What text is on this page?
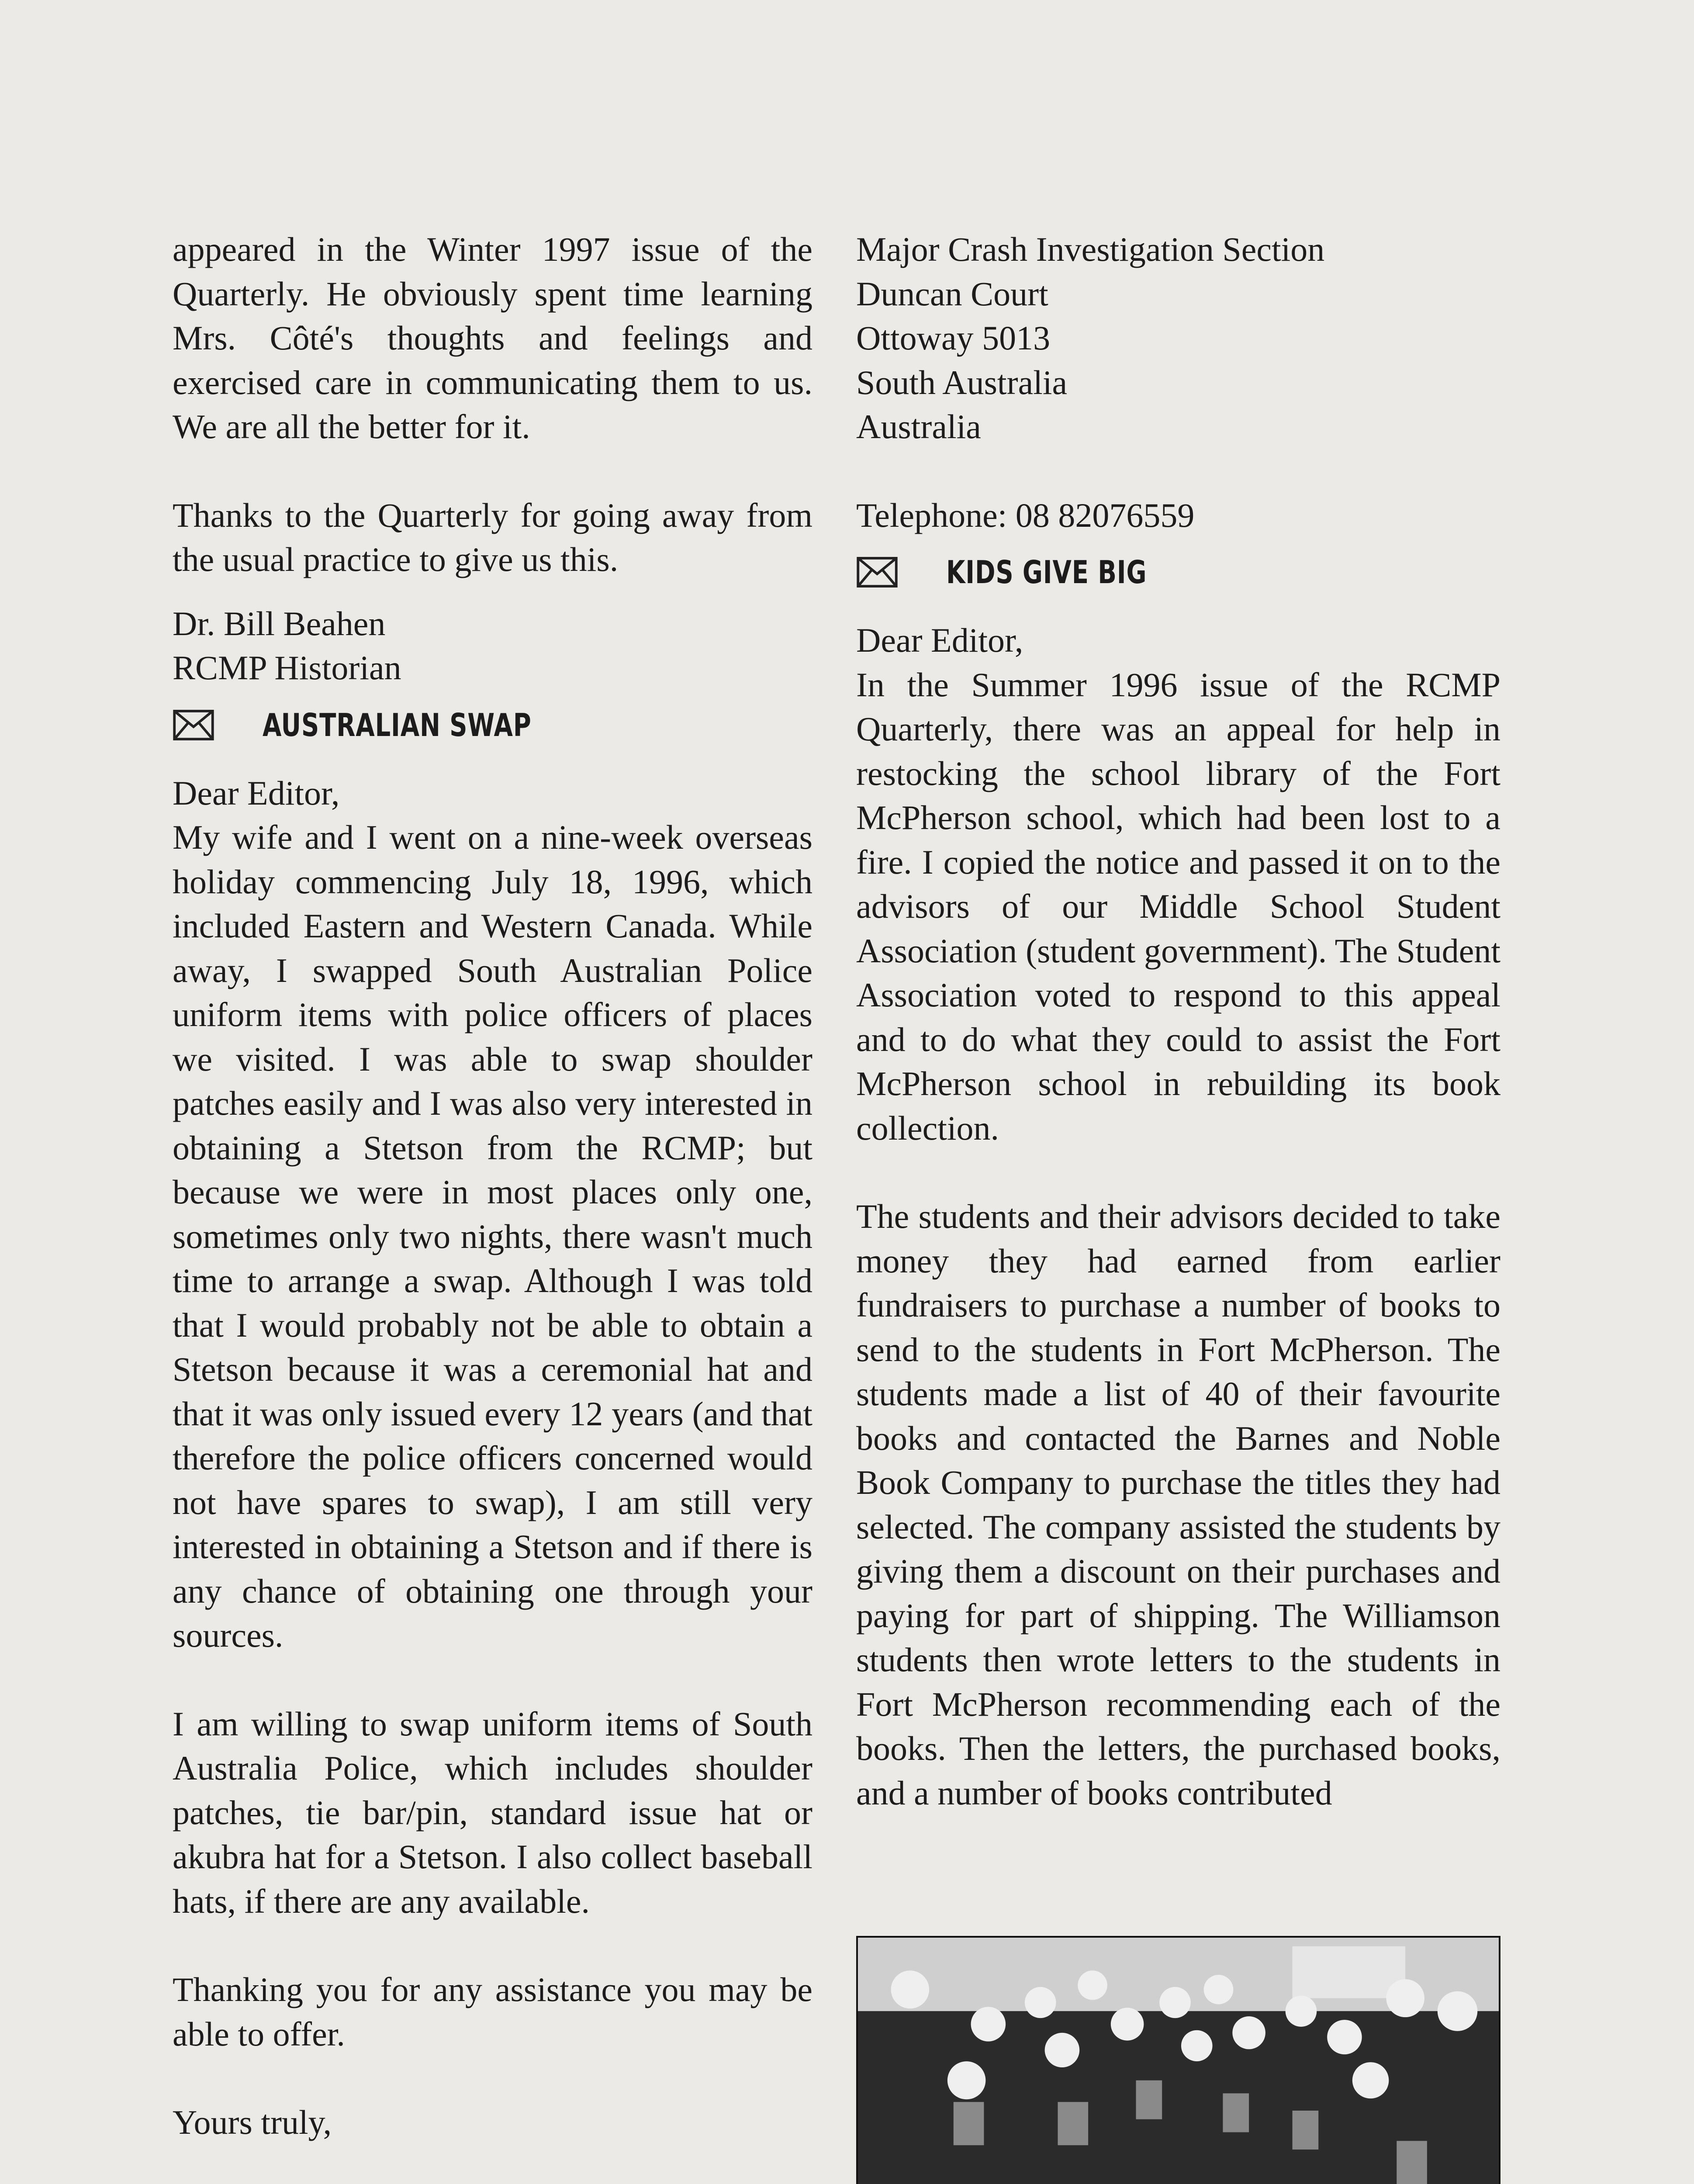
appeared in the Winter 1997 issue of the Quarterly. He obviously spent time learning Mrs. Côté's thoughts and feelings and exercised care in communicating them to us. We are all the better for it.

Thanks to the Quarterly for going away from the usual practice to give us this.

Dr. Bill Beahen
RCMP Historian
AUSTRALIAN SWAP
Dear Editor,

My wife and I went on a nine-week overseas holiday commencing July 18, 1996, which included Eastern and Western Canada. While away, I swapped South Australian Police uniform items with police officers of places we visited. I was able to swap shoulder patches easily and I was also very interested in obtaining a Stetson from the RCMP; but because we were in most places only one, sometimes only two nights, there wasn't much time to arrange a swap. Although I was told that I would probably not be able to obtain a Stetson because it was a ceremonial hat and that it was only issued every 12 years (and that therefore the police officers concerned would not have spares to swap), I am still very interested in obtaining a Stetson and if there is any chance of obtaining one through your sources.

I am willing to swap uniform items of South Australia Police, which includes shoulder patches, tie bar/pin, standard issue hat or akubra hat for a Stetson. I also collect baseball hats, if there are any available.

Thanking you for any assistance you may be able to offer.

Yours truly,
Major Crash Investigation Section
Duncan Court
Ottoway 5013
South Australia
Australia
Telephone: 08 82076559
KIDS GIVE BIG
Dear Editor,

In the Summer 1996 issue of the RCMP Quarterly, there was an appeal for help in restocking the school library of the Fort McPherson school, which had been lost to a fire. I copied the notice and passed it on to the advisors of our Middle School Student Association (student government). The Student Association voted to respond to this appeal and to do what they could to assist the Fort McPherson school in rebuilding its book collection.

The students and their advisors decided to take money they had earned from earlier fundraisers to purchase a number of books to send to the students in Fort McPherson. The students made a list of 40 of their favourite books and contacted the Barnes and Noble Book Company to purchase the titles they had selected. The company assisted the students by giving them a discount on their purchases and paying for part of shipping. The Williamson students then wrote letters to the students in Fort McPherson recommending each of the books. Then the letters, the purchased books, and a number of books contributed
